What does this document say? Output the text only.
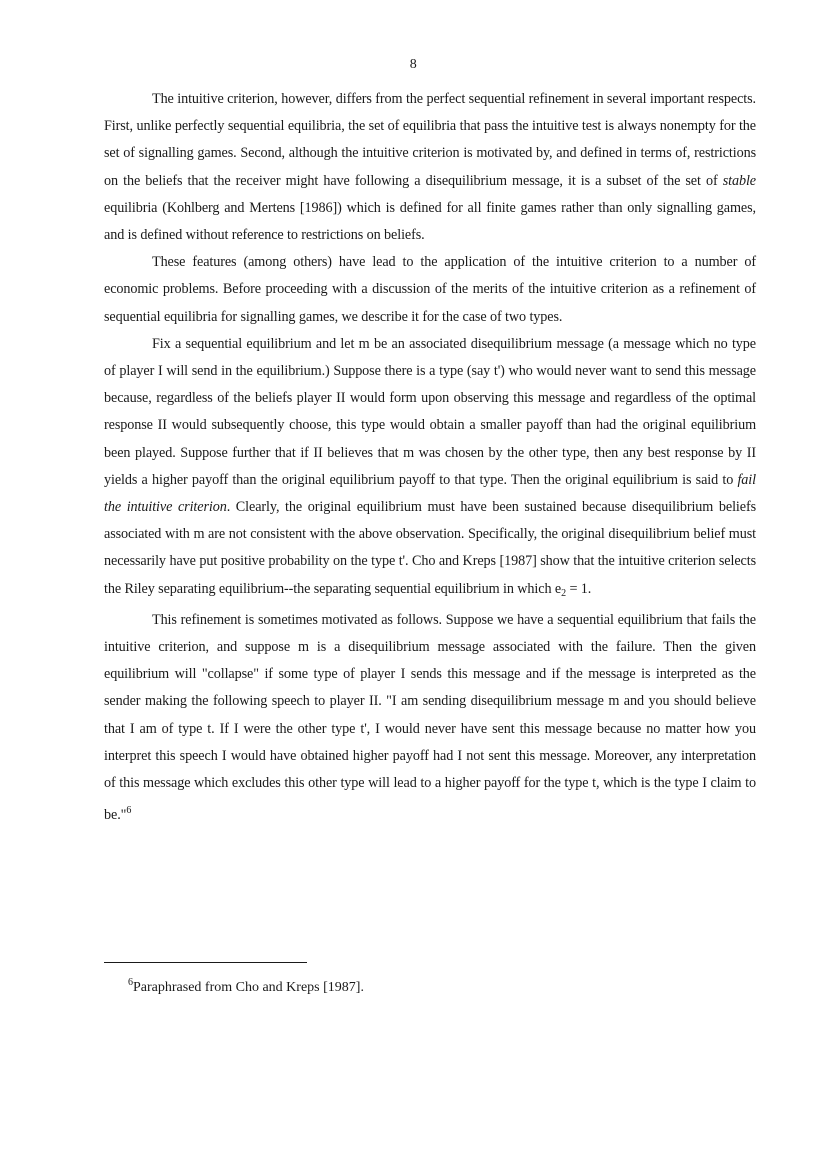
8

The intuitive criterion, however, differs from the perfect sequential refinement in several important respects. First, unlike perfectly sequential equilibria, the set of equilibria that pass the intuitive test is always nonempty for the set of signalling games. Second, although the intuitive criterion is motivated by, and defined in terms of, restrictions on the beliefs that the receiver might have following a disequilibrium message, it is a subset of the set of stable equilibria (Kohlberg and Mertens [1986]) which is defined for all finite games rather than only signalling games, and is defined without reference to restrictions on beliefs.

These features (among others) have lead to the application of the intuitive criterion to a number of economic problems. Before proceeding with a discussion of the merits of the intuitive criterion as a refinement of sequential equilibria for signalling games, we describe it for the case of two types.

Fix a sequential equilibrium and let m be an associated disequilibrium message (a message which no type of player I will send in the equilibrium.) Suppose there is a type (say t') who would never want to send this message because, regardless of the beliefs player II would form upon observing this message and regardless of the optimal response II would subsequently choose, this type would obtain a smaller payoff than had the original equilibrium been played. Suppose further that if II believes that m was chosen by the other type, then any best response by II yields a higher payoff than the original equilibrium payoff to that type. Then the original equilibrium is said to fail the intuitive criterion. Clearly, the original equilibrium must have been sustained because disequilibrium beliefs associated with m are not consistent with the above observation. Specifically, the original disequilibrium belief must necessarily have put positive probability on the type t'. Cho and Kreps [1987] show that the intuitive criterion selects the Riley separating equilibrium--the separating sequential equilibrium in which $e_2 = 1$.

This refinement is sometimes motivated as follows. Suppose we have a sequential equilibrium that fails the intuitive criterion, and suppose m is a disequilibrium message associated with the failure. Then the given equilibrium will "collapse" if some type of player I sends this message and if the message is interpreted as the sender making the following speech to player II. "I am sending disequilibrium message m and you should believe that I am of type t. If I were the other type t', I would never have sent this message because no matter how you interpret this speech I would have obtained higher payoff had I not sent this message. Moreover, any interpretation of this message which excludes this other type will lead to a higher payoff for the type t, which is the type I claim to be."$^6$

$^6$Paraphrased from Cho and Kreps [1987].
